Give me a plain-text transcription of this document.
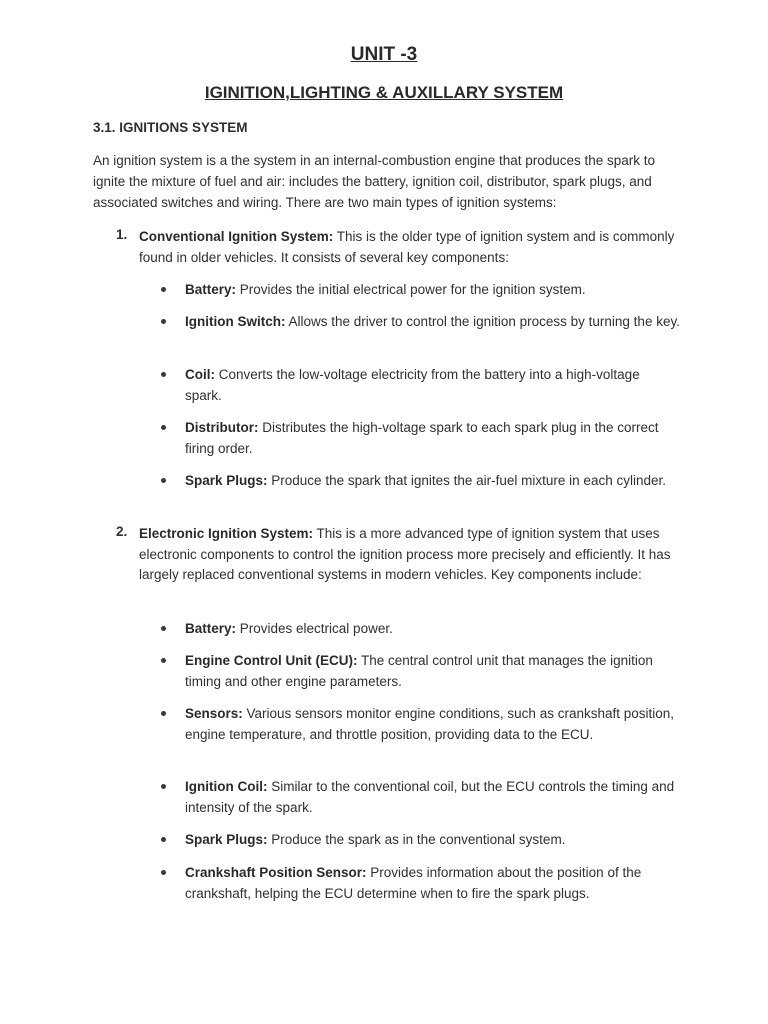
UNIT -3
IGINITION,LIGHTING & AUXILLARY SYSTEM
3.1. IGNITIONS SYSTEM
An ignition system is a the system in an internal-combustion engine that produces the spark to ignite the mixture of fuel and air: includes the battery, ignition coil, distributor, spark plugs, and associated switches and wiring. There are two main types of ignition systems:
1. Conventional Ignition System: This is the older type of ignition system and is commonly found in older vehicles. It consists of several key components:
Battery: Provides the initial electrical power for the ignition system.
Ignition Switch: Allows the driver to control the ignition process by turning the key.
Coil: Converts the low-voltage electricity from the battery into a high-voltage spark.
Distributor: Distributes the high-voltage spark to each spark plug in the correct firing order.
Spark Plugs: Produce the spark that ignites the air-fuel mixture in each cylinder.
2. Electronic Ignition System: This is a more advanced type of ignition system that uses electronic components to control the ignition process more precisely and efficiently. It has largely replaced conventional systems in modern vehicles. Key components include:
Battery: Provides electrical power.
Engine Control Unit (ECU): The central control unit that manages the ignition timing and other engine parameters.
Sensors: Various sensors monitor engine conditions, such as crankshaft position, engine temperature, and throttle position, providing data to the ECU.
Ignition Coil: Similar to the conventional coil, but the ECU controls the timing and intensity of the spark.
Spark Plugs: Produce the spark as in the conventional system.
Crankshaft Position Sensor: Provides information about the position of the crankshaft, helping the ECU determine when to fire the spark plugs.
